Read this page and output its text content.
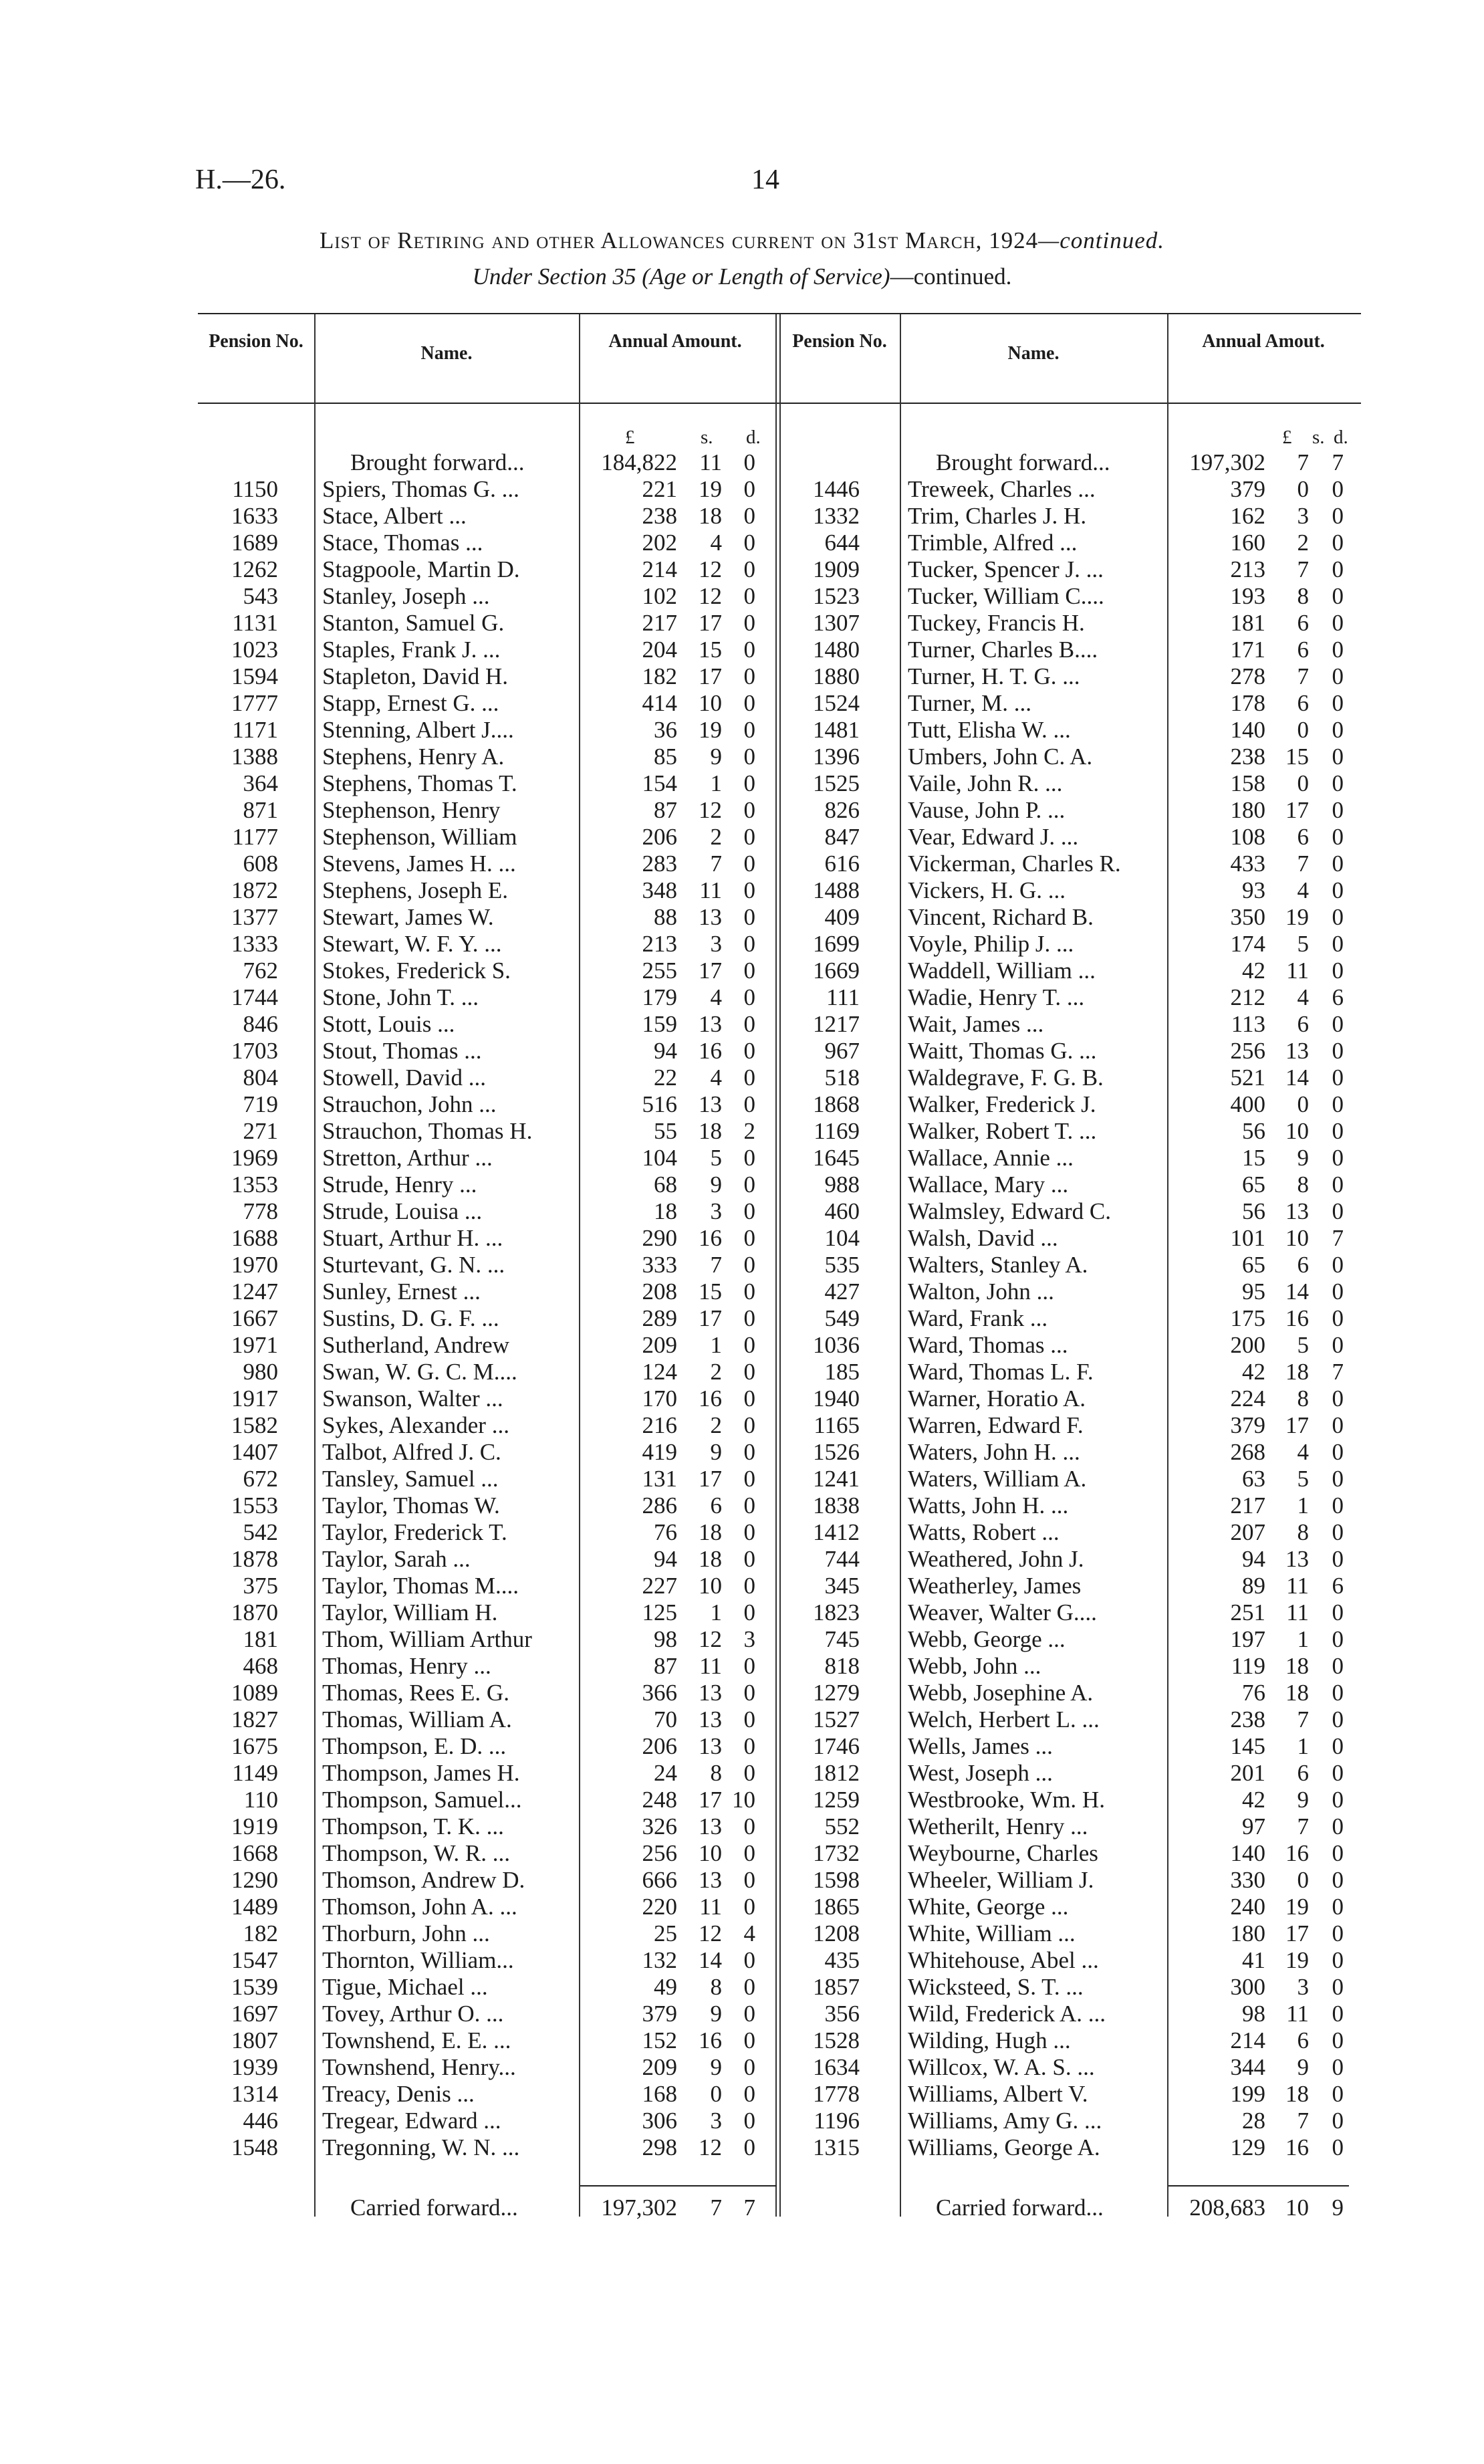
H.—26.	14
List of Retiring and other Allowances current on 31st March, 1924—continued.
Under Section 35 (Age or Length of Service)—continued.
Pension No.
Name.
Annual Amount.	Pension No.
Name.
Annual Amout.
£	s. d.	£ s. d.
Brought forward...	184,822 11 0	Brought forward...	197,302	7 7
1150 Spiers, Thomas G. ...	221 19 0
1633 Stace, Albert ...	238 18 0
1689 Stace, Thomas ...	202	4 0
1262 Stagpoole, Martin D.	214 12 0
543 Stanley, Joseph ...	102 12 0
1131 Stanton, Samuel G.	217 17 0
1023 Staples, Frank J. ...	204 15 0
1594 Stapleton, David H.	182 17 0
1777 Stapp, Ernest G. ...	414 10 0
1171 Stenning, Albert J....	36 19 0
1388 Stephens, Henry A.	85	9 0
364 Stephens, Thomas T.	154	1 0
871 Stephenson, Henry	87 12 0
1177 Stephenson, William	206	2 0
608 Stevens, James H. ...	283	7 0
1872 Stephens, Joseph E.	348 11 0
1377 Stewart, James W.	88 13 0
1333 Stewart, W. F. Y. ...	213	3 0
762 Stokes, Frederick S.	255 17 0
1744 Stone, John T. ...	179	4 0
846 Stott, Louis ...	159 13 0
1703 Stout, Thomas ...	94 16 0
804 Stowell, David ...	22	4 0
719 Strauchon, John ...	516 13 0
271 Strauchon, Thomas H.	55 18 2
1969 Stretton, Arthur ...	104	5 0
1353 Strude, Henry ...	68	9 0
778 Strude, Louisa ...	18	3 0
1688 Stuart, Arthur H. ...	290 16 0
1970 Sturtevant, G. N. ...	333	7 0
1247 Sunley, Ernest ...	208 15 0
1667 Sustins, D. G. F. ...	289 17 0
1971 Sutherland, Andrew	209	1 0
980 Swan, W. G. C. M....	124	2 0
1917 Swanson, Walter ...	170 16 0
1582 Sykes, Alexander ...	216	2 0
1407 Talbot, Alfred J. C.	419	9 0
672 Tansley, Samuel ...	131 17 0
1553 Taylor, Thomas W.	286	6 0
542 Taylor, Frederick T.	76 18 0
1878 Taylor, Sarah ...	94 18 0
375 Taylor, Thomas M....	227 10 0
1870 Taylor, William H.	125	1 0
181 Thom, William Arthur	98 12 3
468 Thomas, Henry ...	87 11 0
1089 Thomas, Rees E. G.	366 13 0
1827 Thomas, William A.	70 13 0
1675 Thompson, E. D. ...	206 13 0
1149 Thompson, James H.	24	8 0
110 Thompson, Samuel...	248 17 10
1919 Thompson, T. K. ...	326 13 0
1668 Thompson, W. R. ...	256 10 0
1290 Thomson, Andrew D.	666 13 0
1489 Thomson, John A. ...	220 11 0
182 Thorburn, John ...	25 12 4
1547 Thornton, William...	132 14 0
1539 Tigue, Michael ...	49	8 0
1697 Tovey, Arthur O. ...	379	9 0
1807 Townshend, E. E. ...	152 16 0
1939 Townshend, Henry...	209	9 0
1314 Treacy, Denis ...	168	0 0
446 Tregear, Edward ...	306	3 0
1548 Tregonning, W. N. ...	298 12 0
1446 Treweek, Charles ...	379	0 0
1332 Trim, Charles J. H.	162	3 0
644 Trimble, Alfred ...	160	2 0
1909 Tucker, Spencer J. ...	213	7 0
1523 Tucker, William C....	193	8 0
1307 Tuckey, Francis H.	181	6 0
1480 Turner, Charles B....	171	6 0
1880 Turner, H. T. G. ...	278	7 0
1524 Turner, M. ...	178	6 0
1481 Tutt, Elisha W. ...	140	0 0
1396 Umbers, John C. A.	238 15 0
1525 Vaile, John R. ...	158	0 0
826 Vause, John P. ...	180 17 0
847 Vear, Edward J. ...	108	6 0
616 Vickerman, Charles R.	433	7 0
1488 Vickers, H. G. ...	93	4 0
409 Vincent, Richard B.	350 19 0
1699 Voyle, Philip J. ...	174	5 0
1669 Waddell, William ...	42 11 0
111 Wadie, Henry T. ...	212	4 6
1217 Wait, James ...	113	6 0
967 Waitt, Thomas G. ...	256 13 0
518 Waldegrave, F. G. B.	521 14 0
1868 Walker, Frederick J.	400	0 0
1169 Walker, Robert T. ...	56 10 0
1645 Wallace, Annie ...	15	9 0
988 Wallace, Mary ...	65	8 0
460 Walmsley, Edward C.	56 13 0
104 Walsh, David ...	101 10 7
535 Walters, Stanley A.	65	6 0
427 Walton, John ...	95 14 0
549 Ward, Frank ...	175 16 0
1036 Ward, Thomas ...	200	5 0
185 Ward, Thomas L. F.	42 18 7
1940 Warner, Horatio A.	224	8 0
1165 Warren, Edward F.	379 17 0
1526 Waters, John H. ...	268	4 0
1241 Waters, William A.	63	5 0
1838 Watts, John H. ...	217	1 0
1412 Watts, Robert ...	207	8 0
744 Weathered, John J.	94 13 0
345 Weatherley, James	89 11 6
1823 Weaver, Walter G....	251 11 0
745 Webb, George ...	197	1 0
818 Webb, John ...	119 18 0
1279 Webb, Josephine A.	76 18 0
1527 Welch, Herbert L. ...	238	7 0
1746 Wells, James ...	145	1 0
1812 West, Joseph ...	201	6 0
1259 Westbrooke, Wm. H.	42	9 0
552 Wetherilt, Henry ...	97	7 0
1732 Weybourne, Charles	140 16 0
1598 Wheeler, William J.	330	0 0
1865 White, George ...	240 19 0
1208 White, William ...	180 17 0
435 Whitehouse, Abel ...	41 19 0
1857 Wicksteed, S. T. ...	300	3 0
356 Wild, Frederick A. ...	98 11 0
1528 Wilding, Hugh ...	214	6 0
1634 Willcox, W. A. S. ...	344	9 0
1778 Williams, Albert V.	199 18 0
1196 Williams, Amy G. ...	28	7 0
1315 Williams, George A.	129 16 0
Carried forward...	197,302	7 7	Carried forward...	208,683 10 9
